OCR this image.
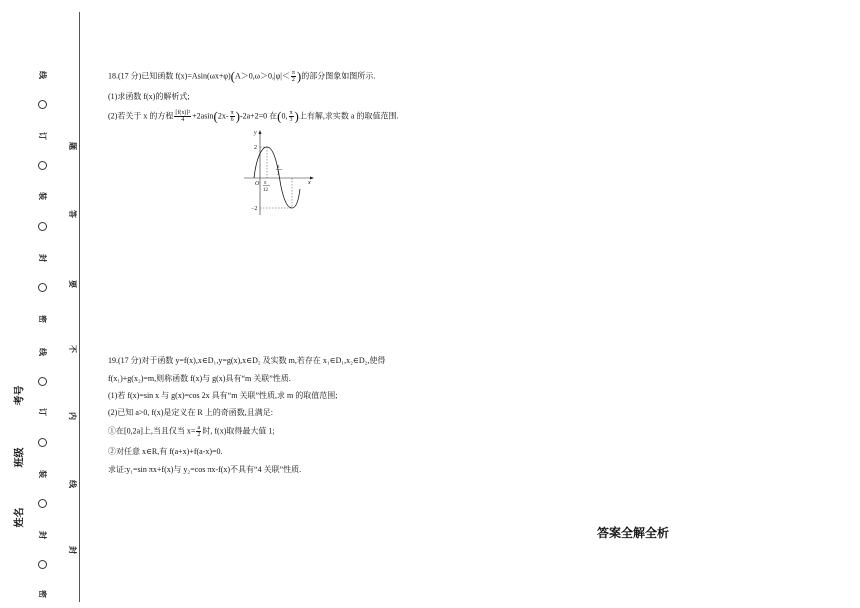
线
订
装
封
密
线
订
装
封
密
题
答
要
不
内
线
封
考号
班级
姓名
18.(17 分)已知函数 $f(x)=Asin(\omega x+\varphi)(A>0,\omega>0,|\varphi|< \frac{\pi}{2}$ )的部分图象如图所示.
(1)求函数 f(x)的解析式;
(2)若关于 x 的方程 $\frac{\text{[f(x)]²}}{4} +2asin(2x- \frac{\pi}{6} )-2a+2=0$ 在(0, $\frac{\pi}{3}$ )上有解,求实数 a 的取值范围.
y
x
O
2
−2
π
12
π
3
19.(17 分)对于函数 y=f(x),x∈D₁,y=g(x),x∈D₂ 及实数 m,若存在 x₁∈D₁,x₂∈D₂,使得
f(x₁)+g(x₂)=m,则称函数 f(x)与 g(x)具有“m 关联”性质.
(1)若 f(x)=sin x 与 g(x)=cos 2x 具有“m 关联”性质,求 m 的取值范围;
(2)已知 a>0, f(x)是定义在 R 上的奇函数,且满足:
①在[0,2a]上,当且仅当 $x= \frac{a}{2}$ 时, f(x)取得最大值 1;
②对任意 x∈R,有 f(a+x)+f(a-x)=0.
求证:y₁=sin πx+f(x)与 y₂=cos πx-f(x)不具有“4 关联”性质.
答案全解全析
